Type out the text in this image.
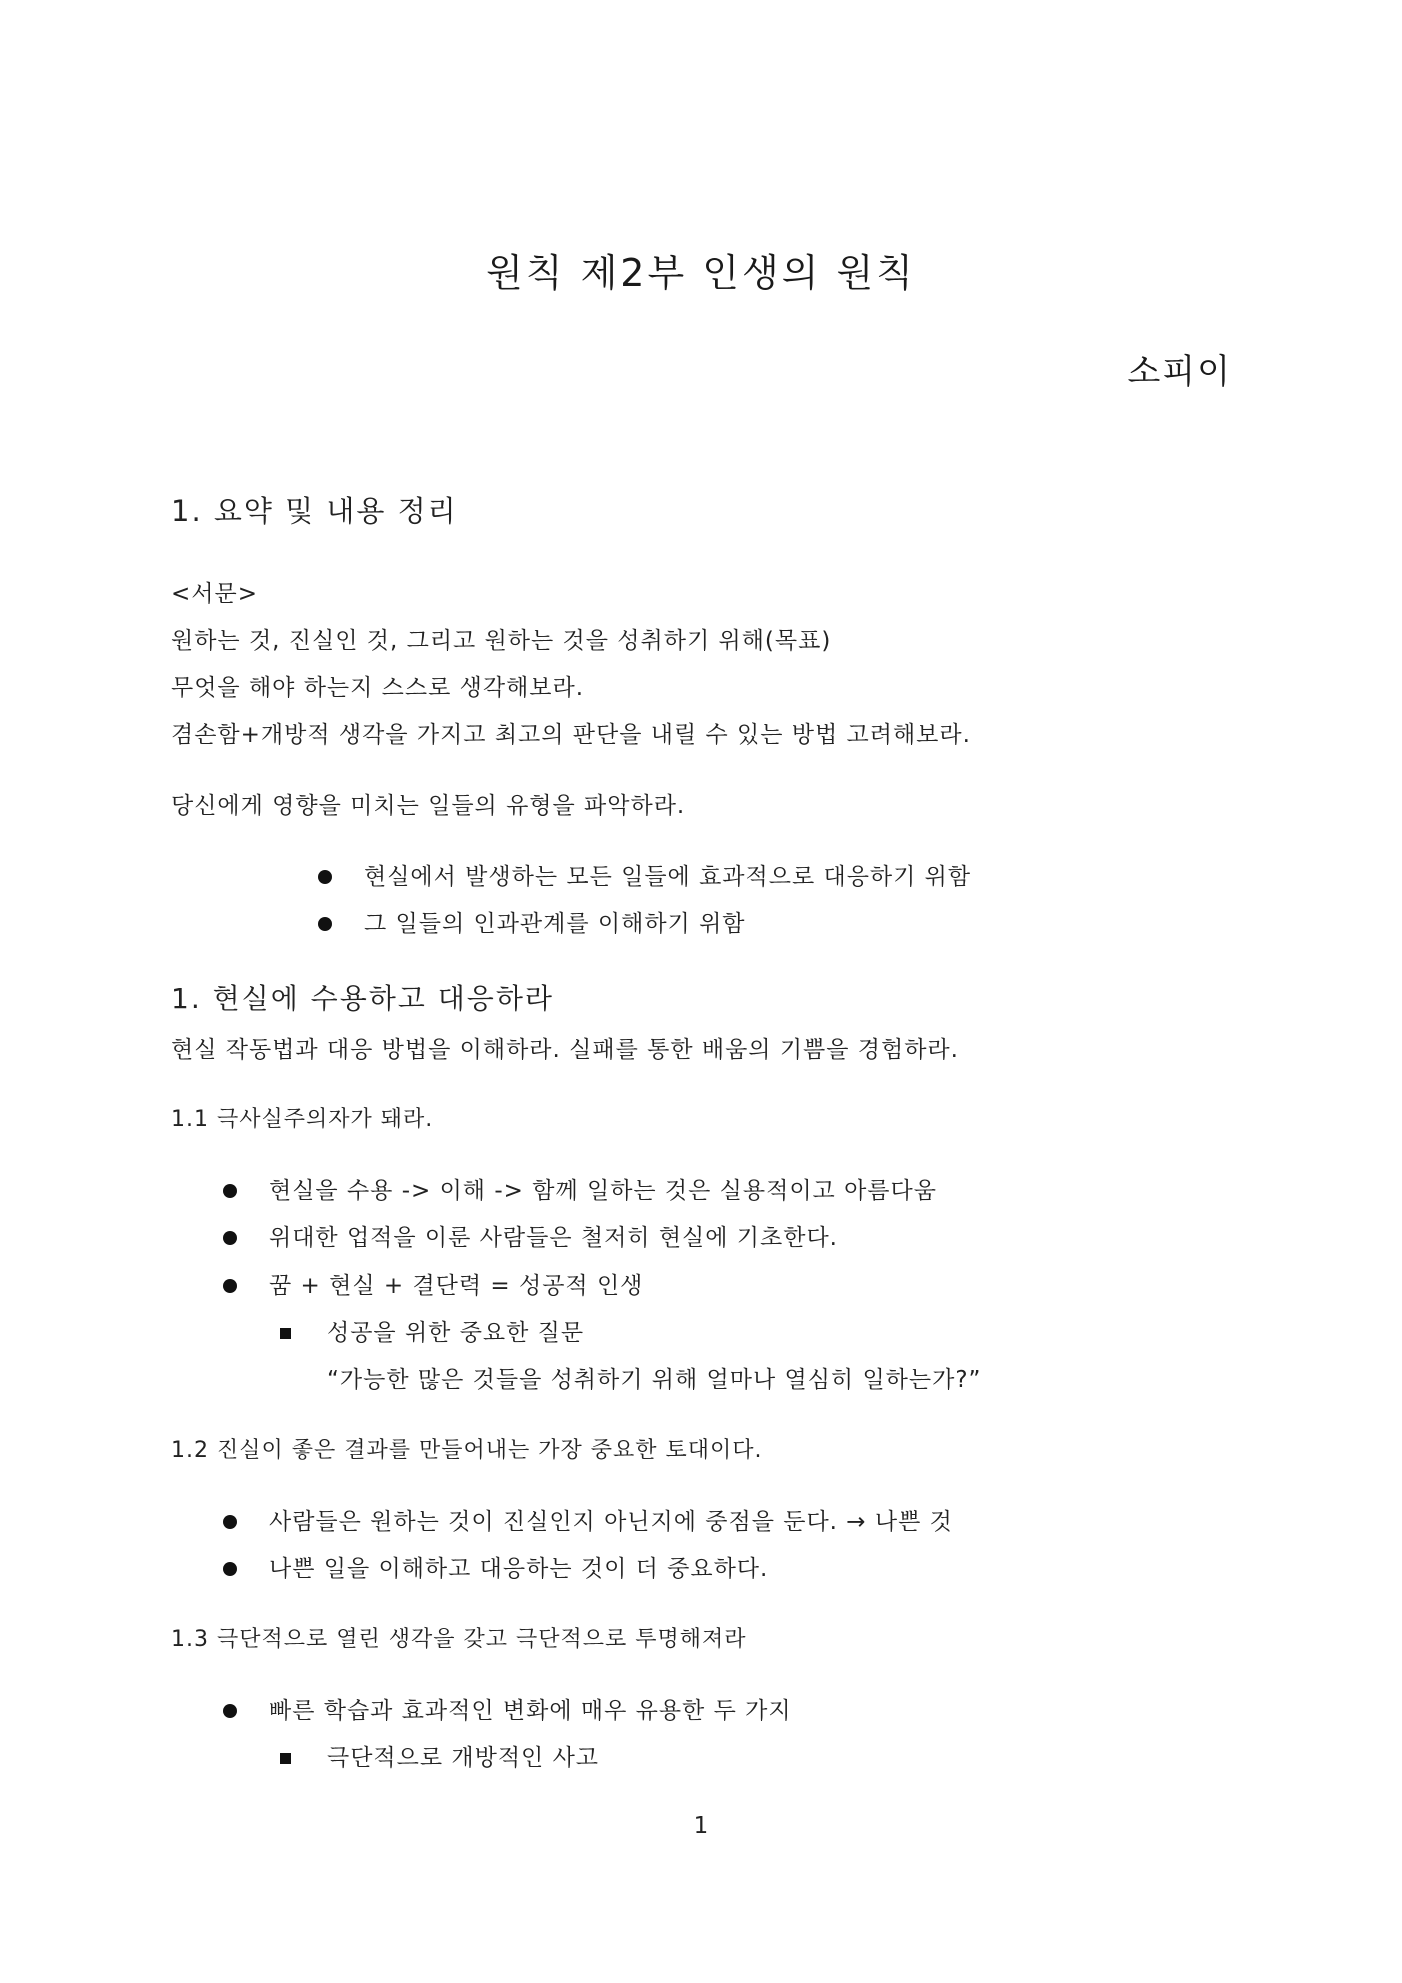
원칙 제2부 인생의 원칙
소피이
1. 요약 및 내용 정리

<서문>

원하는 것, 진실인 것, 그리고 원하는 것을 성취하기 위해(목표)

무엇을 해야 하는지 스스로 생각해보라.

겸손함+개방적 생각을 가지고 최고의 판단을 내릴 수 있는 방법 고려해보라.

당신에게 영향을 미치는 일들의 유형을 파악하라.

현실에서 발생하는 모든 일들에 효과적으로 대응하기 위함
그 일들의 인과관계를 이해하기 위함
1. 현실에 수용하고 대응하라

현실 작동법과 대응 방법을 이해하라. 실패를 통한 배움의 기쁨을 경험하라.

1.1 극사실주의자가 돼라.
현실을 수용 -> 이해 -> 함께 일하는 것은 실용적이고 아름다움
위대한 업적을 이룬 사람들은 철저히 현실에 기초한다.
꿈 + 현실 + 결단력 = 성공적 인생
성공을 위한 중요한 질문

“가능한 많은 것들을 성취하기 위해 얼마나 열심히 일하는가?”

1.2 진실이 좋은 결과를 만들어내는 가장 중요한 토대이다.
사람들은 원하는 것이 진실인지 아닌지에 중점을 둔다. → 나쁜 것
나쁜 일을 이해하고 대응하는 것이 더 중요하다.
1.3 극단적으로 열린 생각을 갖고 극단적으로 투명해져라
빠른 학습과 효과적인 변화에 매우 유용한 두 가지
극단적으로 개방적인 사고
1
